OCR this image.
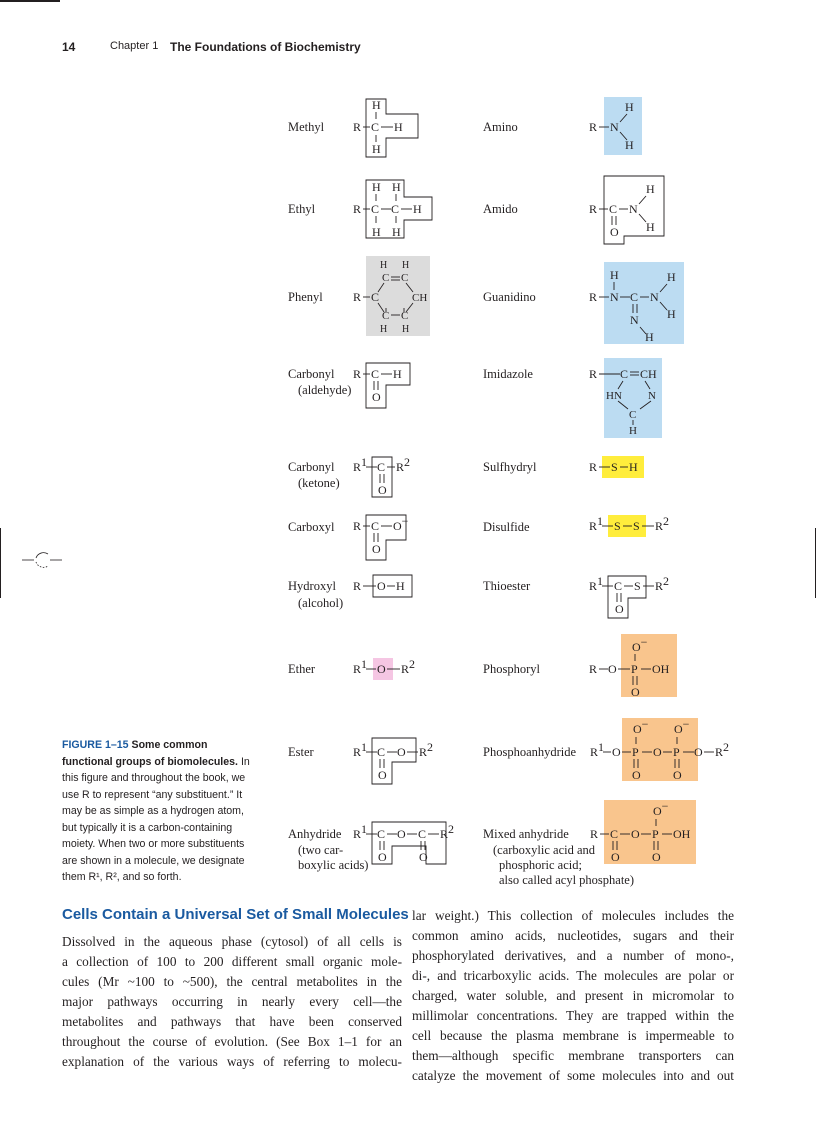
14	Chapter 1 The Foundations of Biochemistry
Methyl
Ethyl
Phenyl
Carbonyl
(aldehyde)
Carbonyl
(ketone)
Carboxyl
Hydroxyl
(alcohol)
Ether
Ester
Anhydride
(two car-
boxylic acids)
Amino
Amido
Guanidino
Imidazole
Sulfhydryl
Disulfide
Thioester
Phosphoryl
Phosphoanhydride
Mixed anhydride
(carboxylic acid and
phosphoric acid;
also called acyl phosphate)
R C H
H
H
R C C H
H H
H H
R C
H H
C C
CH
C C
H H
R C H
O
R1 C R2
O
R C O−
O
R O H
R1 O R2
R1 C O R2
O
R1 C O C R2
O	O
R N
H
H
R C N
H
H
O
R N C N
H	H
H
N
H
R C CH
HN N
C
H
R S H
R1 S S R2
R1 C S R2
O
R O P OH
O−
O
R1 O P O P O R2
O− O−
O	O
R C O P OH
O−
O	O
FIGURE 1–15 Some common functional groups of biomolecules. In this figure and throughout the book, we use R to represent “any substituent.” It may be as simple as a hydrogen atom, but typically it is a carbon-containing moiety. When two or more substituents are shown in a molecule, we designate them R¹, R², and so forth.
Cells Contain a Universal Set of Small Molecules
Dissolved in the aqueous phase (cytosol) of all cells is
a collection of 100 to 200 different small organic mole-
cules (Mr ~100 to ~500), the central metabolites in the
major pathways occurring in nearly every cell—the
metabolites and pathways that have been conserved
throughout the course of evolution. (See Box 1–1 for an
explanation of the various ways of referring to molecu-
lar weight.) This collection of molecules includes the
common amino acids, nucleotides, sugars and their
phosphorylated derivatives, and a number of mono-,
di-, and tricarboxylic acids. The molecules are polar or
charged, water soluble, and present in micromolar to
millimolar concentrations. They are trapped within the
cell because the plasma membrane is impermeable to
them—although specific membrane transporters can
catalyze the movement of some molecules into and out
